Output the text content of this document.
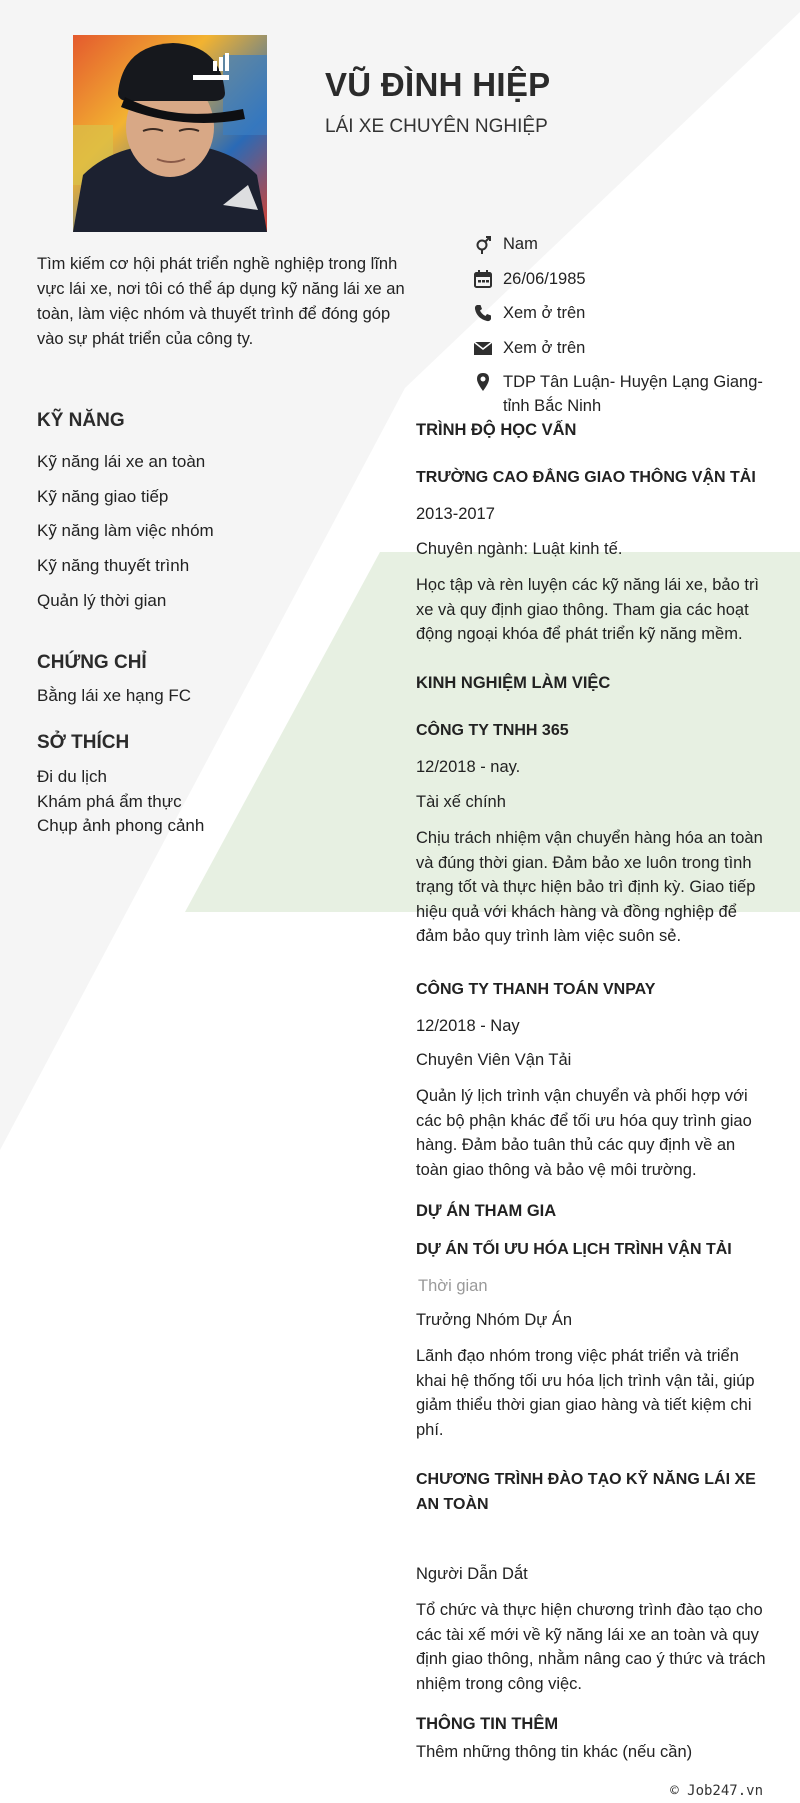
VŨ ĐÌNH HIỆP
LÁI XE CHUYÊN NGHIỆP
Tìm kiếm cơ hội phát triển nghề nghiệp trong lĩnh vực lái xe, nơi tôi có thể áp dụng kỹ năng lái xe an toàn, làm việc nhóm và thuyết trình để đóng góp vào sự phát triển của công ty.
Nam
26/06/1985
Xem ở trên
Xem ở trên
TDP Tân Luận- Huyện Lạng Giang- tỉnh Bắc Ninh
KỸ NĂNG
Kỹ năng lái xe an toàn
Kỹ năng giao tiếp
Kỹ năng làm việc nhóm
Kỹ năng thuyết trình
Quản lý thời gian
CHỨNG CHỈ
Bằng lái xe hạng FC
SỞ THÍCH
Đi du lịch
Khám phá ẩm thực
Chụp ảnh phong cảnh
TRÌNH ĐỘ HỌC VẤN
TRƯỜNG CAO ĐẲNG GIAO THÔNG VẬN TẢI
2013-2017
Chuyên ngành: Luật kinh tế.
Học tập và rèn luyện các kỹ năng lái xe, bảo trì xe và quy định giao thông. Tham gia các hoạt động ngoại khóa để phát triển kỹ năng mềm.
KINH NGHIỆM LÀM VIỆC
CÔNG TY TNHH 365
12/2018 - nay.
Tài xế chính
Chịu trách nhiệm vận chuyển hàng hóa an toàn và đúng thời gian. Đảm bảo xe luôn trong tình trạng tốt và thực hiện bảo trì định kỳ. Giao tiếp hiệu quả với khách hàng và đồng nghiệp để đảm bảo quy trình làm việc suôn sẻ.
CÔNG TY THANH TOÁN VNPAY
12/2018 - Nay
Chuyên Viên Vận Tải
Quản lý lịch trình vận chuyển và phối hợp với các bộ phận khác để tối ưu hóa quy trình giao hàng. Đảm bảo tuân thủ các quy định về an toàn giao thông và bảo vệ môi trường.
DỰ ÁN THAM GIA
DỰ ÁN TỐI ƯU HÓA LỊCH TRÌNH VẬN TẢI
Thời gian
Trưởng Nhóm Dự Án
Lãnh đạo nhóm trong việc phát triển và triển khai hệ thống tối ưu hóa lịch trình vận tải, giúp giảm thiểu thời gian giao hàng và tiết kiệm chi phí.
CHƯƠNG TRÌNH ĐÀO TẠO KỸ NĂNG LÁI XE AN TOÀN
Người Dẫn Dắt
Tổ chức và thực hiện chương trình đào tạo cho các tài xế mới về kỹ năng lái xe an toàn và quy định giao thông, nhằm nâng cao ý thức và trách nhiệm trong công việc.
THÔNG TIN THÊM
Thêm những thông tin khác (nếu cần)
© Job247.vn
